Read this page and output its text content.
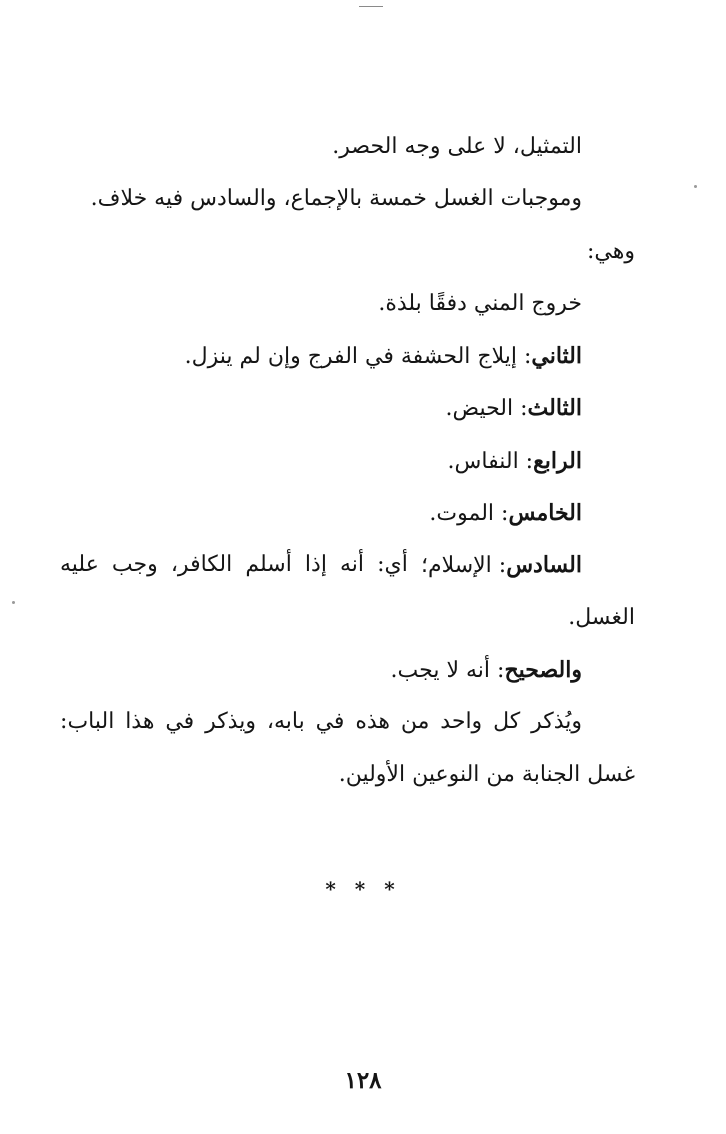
التمثيل، لا على وجه الحصر.
وموجبات الغسل خمسة بالإجماع، والسادس فيه خلاف.
وهي:
خروج المني دفقًا بلذة.
الثاني: إيلاج الحشفة في الفرج وإن لم ينزل.
الثالث: الحيض.
الرابع: النفاس.
الخامس: الموت.
السادس: الإسلام؛
أي:
أنه
إذا
أسلم
الكافر،
وجب
عليه
الغسل.
والصحيح: أنه لا يجب.
ويُذكر
كل
واحد
من
هذه
في
بابه،
ويذكر
في
هذا
الباب:
غسل الجنابة من النوعين الأولين.
* * *
١٢٨
